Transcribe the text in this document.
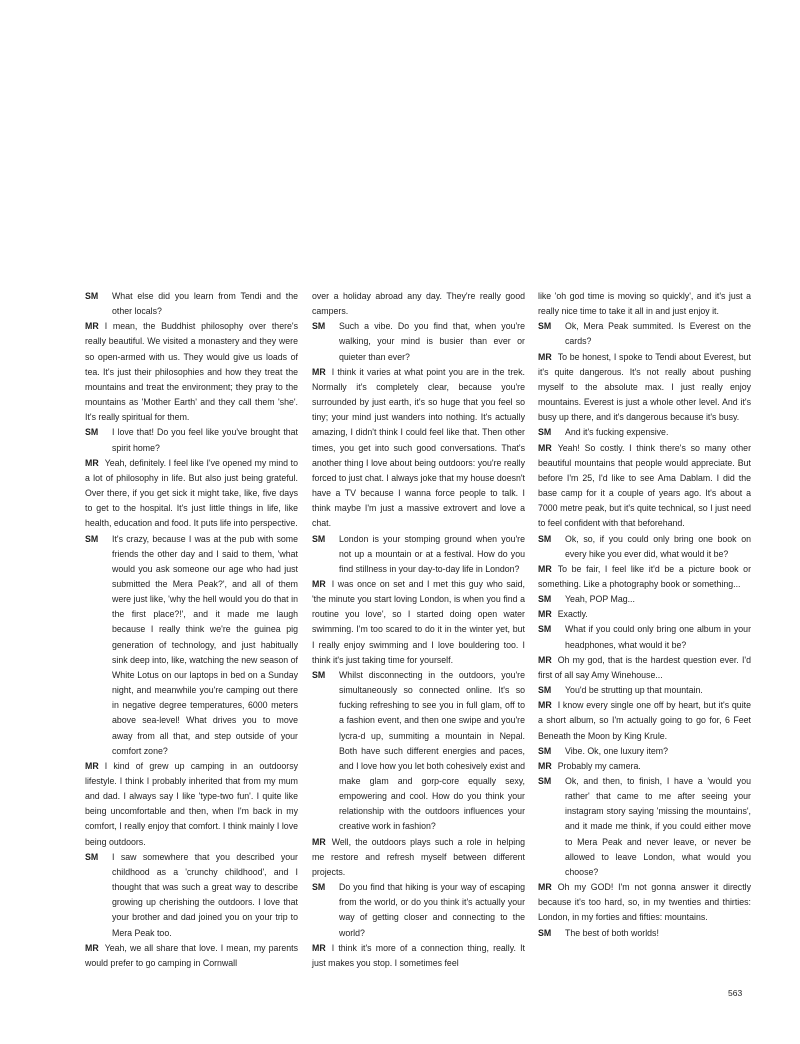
SM What else did you learn from Tendi and the other locals?

MR I mean, the Buddhist philosophy over there's really beautiful. We visited a monastery and they were so open-armed with us. They would give us loads of tea. It's just their philosophies and how they treat the mountains and treat the environment; they pray to the mountains as 'Mother Earth' and they call them 'she'. It's really spiritual for them.

SM I love that! Do you feel like you've brought that spirit home?

MR Yeah, definitely. I feel like I've opened my mind to a lot of philosophy in life. But also just being grateful. Over there, if you get sick it might take, like, five days to get to the hospital. It's just little things in life, like health, education and food. It puts life into perspective.

SM It's crazy, because I was at the pub with some friends the other day and I said to them, 'what would you ask someone our age who had just submitted the Mera Peak?', and all of them were just like, 'why the hell would you do that in the first place?!', and it made me laugh because I really think we're the guinea pig generation of technology, and just habitually sink deep into, like, watching the new season of White Lotus on our laptops in bed on a Sunday night, and meanwhile you're camping out there in negative degree temperatures, 6000 meters above sea-level! What drives you to move away from all that, and step outside of your comfort zone?

MR I kind of grew up camping in an outdoorsy lifestyle. I think I probably inherited that from my mum and dad. I always say I like 'type-two fun'. I quite like being uncomfortable and then, when I'm back in my comfort, I really enjoy that comfort. I think mainly I love being outdoors.

SM I saw somewhere that you described your childhood as a 'crunchy childhood', and I thought that was such a great way to describe growing up cherishing the outdoors. I love that your brother and dad joined you on your trip to Mera Peak too.

MR Yeah, we all share that love. I mean, my parents would prefer to go camping in Cornwall

over a holiday abroad any day. They're really good campers.

SM Such a vibe. Do you find that, when you're walking, your mind is busier than ever or quieter than ever?

MR I think it varies at what point you are in the trek. Normally it's completely clear, because you're surrounded by just earth, it's so huge that you feel so tiny; your mind just wanders into nothing. It's actually amazing, I didn't think I could feel like that. Then other times, you get into such good conversations. That's another thing I love about being outdoors: you're really forced to just chat. I always joke that my house doesn't have a TV because I wanna force people to talk. I think maybe I'm just a massive extrovert and love a chat.

SM London is your stomping ground when you're not up a mountain or at a festival. How do you find stillness in your day-to-day life in London?

MR I was once on set and I met this guy who said, 'the minute you start loving London, is when you find a routine you love', so I started doing open water swimming. I'm too scared to do it in the winter yet, but I really enjoy swimming and I love bouldering too. I think it's just taking time for yourself.

SM Whilst disconnecting in the outdoors, you're simultaneously so connected online. It's so fucking refreshing to see you in full glam, off to a fashion event, and then one swipe and you're lycra-d up, summiting a mountain in Nepal. Both have such different energies and paces, and I love how you let both cohesively exist and make glam and gorp-core equally sexy, empowering and cool. How do you think your relationship with the outdoors influences your creative work in fashion?

MR Well, the outdoors plays such a role in helping me restore and refresh myself between different projects.

SM Do you find that hiking is your way of escaping from the world, or do you think it's actually your way of getting closer and connecting to the world?

MR I think it's more of a connection thing, really. It just makes you stop. I sometimes feel

like 'oh god time is moving so quickly', and it's just a really nice time to take it all in and just enjoy it.

SM Ok, Mera Peak summited. Is Everest on the cards?

MR To be honest, I spoke to Tendi about Everest, but it's quite dangerous. It's not really about pushing myself to the absolute max. I just really enjoy mountains. Everest is just a whole other level. And it's busy up there, and it's dangerous because it's busy.

SM And it's fucking expensive.

MR Yeah! So costly. I think there's so many other beautiful mountains that people would appreciate. But before I'm 25, I'd like to see Ama Dablam. I did the base camp for it a couple of years ago. It's about a 7000 metre peak, but it's quite technical, so I just need to feel confident with that beforehand.

SM Ok, so, if you could only bring one book on every hike you ever did, what would it be?

MR To be fair, I feel like it'd be a picture book or something. Like a photography book or something...

SM Yeah, POP Mag...

MR Exactly.

SM What if you could only bring one album in your headphones, what would it be?

MR Oh my god, that is the hardest question ever. I'd first of all say Amy Winehouse...

SM You'd be strutting up that mountain.

MR I know every single one off by heart, but it's quite a short album, so I'm actually going to go for, 6 Feet Beneath the Moon by King Krule.

SM Vibe. Ok, one luxury item?

MR Probably my camera.

SM Ok, and then, to finish, I have a 'would you rather' that came to me after seeing your instagram story saying 'missing the mountains', and it made me think, if you could either move to Mera Peak and never leave, or never be allowed to leave London, what would you choose?

MR Oh my GOD! I'm not gonna answer it directly because it's too hard, so, in my twenties and thirties: London, in my forties and fifties: mountains.

SM The best of both worlds!

563
